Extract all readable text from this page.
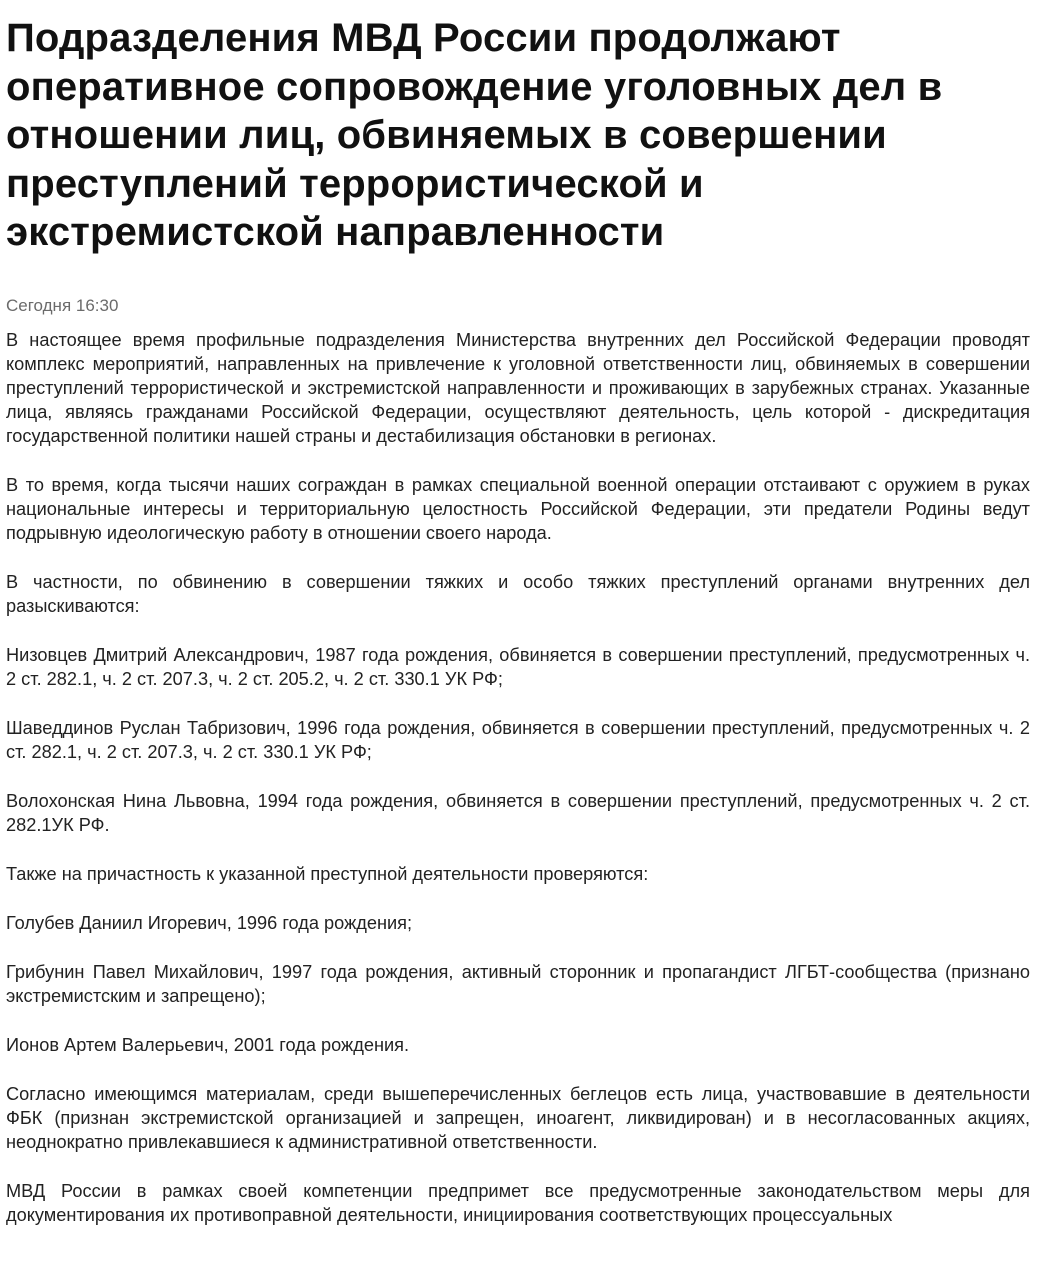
Подразделения МВД России продолжают оперативное сопровождение уголовных дел в отношении лиц, обвиняемых в совершении преступлений террористической и экстремистской направленности
Сегодня 16:30

В настоящее время профильные подразделения Министерства внутренних дел Российской Федерации проводят комплекс мероприятий, направленных на привлечение к уголовной ответственности лиц, обвиняемых в совершении преступлений террористической и экстремистской направленности и проживающих в зарубежных странах. Указанные лица, являясь гражданами Российской Федерации, осуществляют деятельность, цель которой - дискредитация государственной политики нашей страны и дестабилизация обстановки в регионах.

В то время, когда тысячи наших сограждан в рамках специальной военной операции отстаивают с оружием в руках национальные интересы и территориальную целостность Российской Федерации, эти предатели Родины ведут подрывную идеологическую работу в отношении своего народа.

В частности, по обвинению в совершении тяжких и особо тяжких преступлений органами внутренних дел разыскиваются:

Низовцев Дмитрий Александрович, 1987 года рождения, обвиняется в совершении преступлений, предусмотренных ч. 2 ст. 282.1, ч. 2 ст. 207.3, ч. 2 ст. 205.2, ч. 2 ст. 330.1 УК РФ;

Шаведдинов Руслан Табризович, 1996 года рождения, обвиняется в совершении преступлений, предусмотренных ч. 2 ст. 282.1, ч. 2 ст. 207.3, ч. 2 ст. 330.1 УК РФ;

Волохонская Нина Львовна, 1994 года рождения, обвиняется в совершении преступлений, предусмотренных ч. 2 ст. 282.1УК РФ.

Также на причастность к указанной преступной деятельности проверяются:

Голубев Даниил Игоревич, 1996 года рождения;

Грибунин Павел Михайлович, 1997 года рождения, активный сторонник и пропагандист ЛГБТ-сообщества (признано экстремистским и запрещено);

Ионов Артем Валерьевич, 2001 года рождения.

Согласно имеющимся материалам, среди вышеперечисленных беглецов есть лица, участвовавшие в деятельности ФБК (признан экстремистской организацией и запрещен, иноагент, ликвидирован) и в несогласованных акциях, неоднократно привлекавшиеся к административной ответственности.

МВД России в рамках своей компетенции предпримет все предусмотренные законодательством меры для документирования их противоправной деятельности, инициирования соответствующих процессуальных
